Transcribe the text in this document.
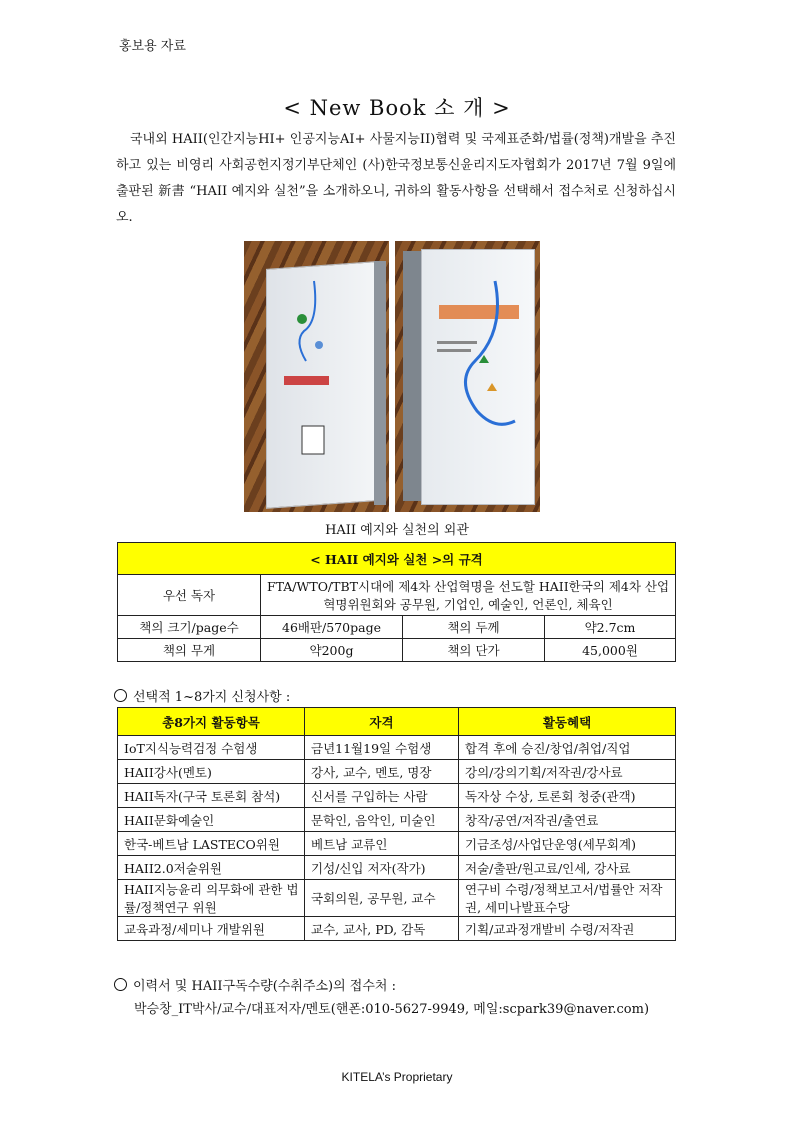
홍보용 자료
< New Book 소 개 >
국내외 HAII(인간지능HI+ 인공지능AI+ 사물지능II)협력 및 국제표준화/법률(정책)개발을 추진하고 있는 비영리 사회공헌지정기부단체인 (사)한국정보통신윤리지도자협회가 2017년 7월 9일에 출판된 新書 “HAII 예지와 실천”을 소개하오니, 귀하의 활동사항을 선택해서 접수처로 신청하십시오.
HAII 예지와 실천의 외관
< HAII 예지와 실천 >의 규격			
우선 독자	FTA/WTO/TBT시대에 제4차 산업혁명을 선도할 HAII한국의 제4차 산업혁명위원회와 공무원, 기업인, 예술인, 언론인, 체육인		
책의 크기/page수	46배판/570page	책의 두께	약2.7cm
책의 무게	약200g	책의 단가	45,000원
선택적 1~8가지 신청사항 :
총8가지 활동항목	자격	활동혜택
IoT지식능력검정 수험생	금년11월19일 수험생	합격 후에 승진/창업/취업/직업
HAII강사(멘토)	강사, 교수, 멘토, 명장	강의/강의기획/저작권/강사료
HAII독자(구국 토론회 참석)	신서를 구입하는 사람	독자상 수상, 토론회 청중(관객)
HAII문화예술인	문학인, 음악인, 미술인	창작/공연/저작권/출연료
한국-베트남 LASTECO위원	베트남 교류인	기금조성/사업단운영(세무회계)
HAII2.0저술위원	기성/신입 저자(작가)	저술/출판/원고료/인세, 강사료
HAII지능윤리 의무화에 관한 법률/정책연구 위원	국회의원, 공무원, 교수	연구비 수령/정책보고서/법률안 저작권, 세미나발표수당
교육과정/세미나 개발위원	교수, 교사, PD, 감독	기획/교과정개발비 수령/저작권
이력서 및 HAII구독수량(수취주소)의 접수처 :
박승창_IT박사/교수/대표저자/멘토(핸폰:010-5627-9949, 메일:scpark39@naver.com)
KITELA’s Proprietary
